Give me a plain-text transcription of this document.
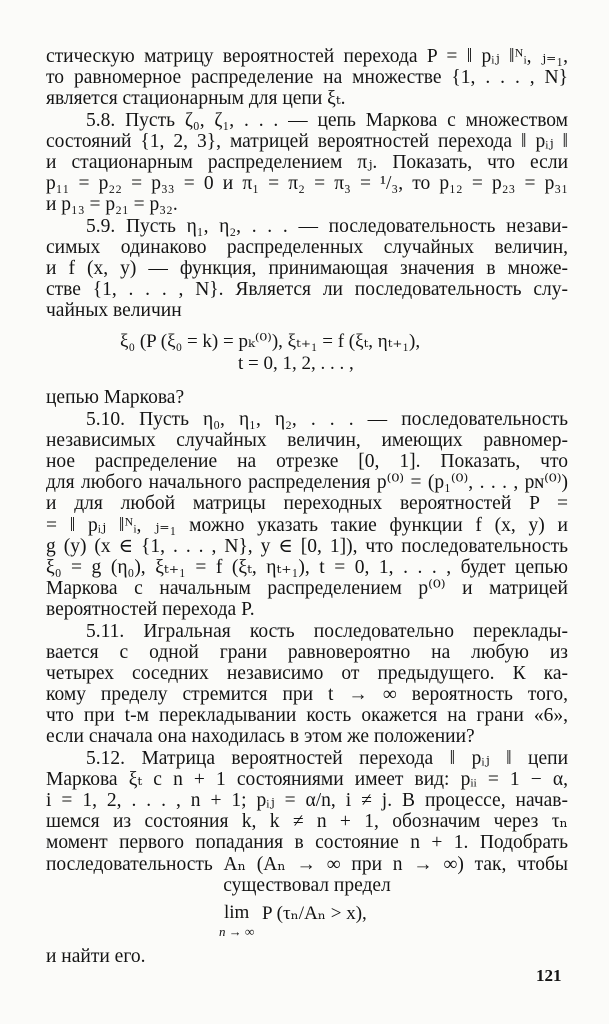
стическую матрицу вероятностей перехода P = ‖ pᵢⱼ ‖ᴺᵢ, ⱼ₌₁,
то равномерное распределение на множестве {1, . . . , N}
является стационарным для цепи ξₜ.
5.8. Пусть ζ₀, ζ₁, . . . — цепь Маркова с множеством
состояний {1, 2, 3}, матрицей вероятностей перехода ‖ pᵢⱼ ‖
и стационарным распределением πⱼ. Показать, что если
p₁₁ = p₂₂ = p₃₃ = 0 и π₁ = π₂ = π₃ = ¹/₃, то p₁₂ = p₂₃ = p₃₁
и p₁₃ = p₂₁ = p₃₂.
5.9. Пусть η₁, η₂, . . . — последовательность незави-
симых одинаково распределенных случайных величин,
и f (x, y) — функция, принимающая значения в множе-
стве {1, . . . , N}. Является ли последовательность слу-
чайных величин
ξ₀ (P (ξ₀ = k) = pₖ⁽⁰⁾), ξₜ₊₁ = f (ξₜ, ηₜ₊₁),
t = 0, 1, 2, . . . ,
цепью Маркова?
5.10. Пусть η₀, η₁, η₂, . . . — последовательность
независимых случайных величин, имеющих равномер-
ное распределение на отрезке [0, 1]. Показать, что
для любого начального распределения p⁽⁰⁾ = (p₁⁽⁰⁾, . . . , pɴ⁽⁰⁾)
и для любой матрицы переходных вероятностей P =
= ‖ pᵢⱼ ‖ᴺᵢ, ⱼ₌₁ можно указать такие функции f (x, y) и
g (y) (x ∈ {1, . . . , N}, y ∈ [0, 1]), что последовательность
ξ₀ = g (η₀), ξₜ₊₁ = f (ξₜ, ηₜ₊₁), t = 0, 1, . . . , будет цепью
Маркова с начальным распределением p⁽⁰⁾ и матрицей
вероятностей перехода P.
5.11. Игральная кость последовательно переклады-
вается с одной грани равновероятно на любую из
четырех соседних независимо от предыдущего. К ка-
кому пределу стремится при t → ∞ вероятность того,
что при t-м перекладывании кость окажется на грани «6»,
если сначала она находилась в этом же положении?
5.12. Матрица вероятностей перехода ‖ pᵢⱼ ‖ цепи
Маркова ξₜ с n + 1 состояниями имеет вид: pᵢᵢ = 1 − α,
i = 1, 2, . . . , n + 1; pᵢⱼ = α/n, i ≠ j. В процессе, начав-
шемся из состояния k, k ≠ n + 1, обозначим через τₙ
момент первого попадания в состояние n + 1. Подобрать
последовательность Aₙ (Aₙ → ∞ при n → ∞) так, чтобы
существовал предел
lim
n → ∞
P (τₙ/Aₙ > x),
и найти его.
121
